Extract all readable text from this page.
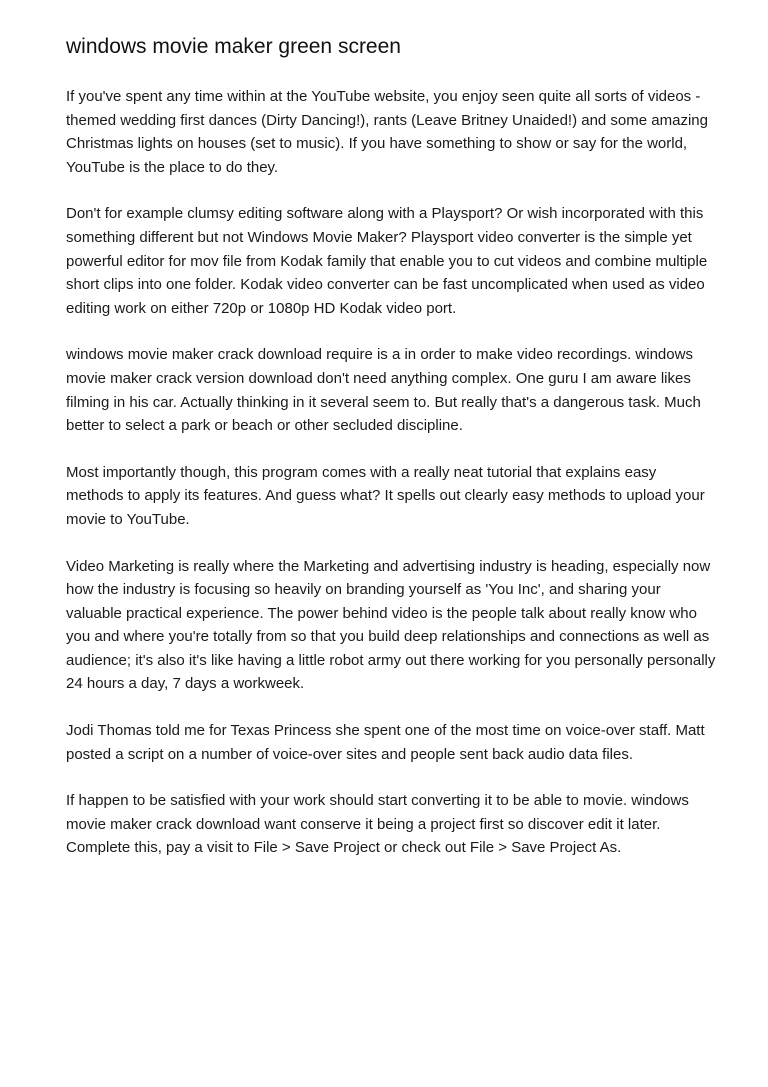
windows movie maker green screen

If you've spent any time within at the YouTube website, you enjoy seen quite all sorts of videos - themed wedding first dances (Dirty Dancing!), rants (Leave Britney Unaided!) and some amazing Christmas lights on houses (set to music). If you have something to show or say for the world, YouTube is the place to do they.

Don't for example clumsy editing software along with a Playsport? Or wish incorporated with this something different but not Windows Movie Maker? Playsport video converter is the simple yet powerful editor for mov file from Kodak family that enable you to cut videos and combine multiple short clips into one folder. Kodak video converter can be fast uncomplicated when used as video editing work on either 720p or 1080p HD Kodak video port.

windows movie maker crack download require is a in order to make video recordings. windows movie maker crack version download don't need anything complex. One guru I am aware likes filming in his car. Actually thinking in it several seem to. But really that's a dangerous task. Much better to select a park or beach or other secluded discipline.

Most importantly though, this program comes with a really neat tutorial that explains easy methods to apply its features. And guess what? It spells out clearly easy methods to upload your movie to YouTube.

Video Marketing is really where the Marketing and advertising industry is heading, especially now how the industry is focusing so heavily on branding yourself as 'You Inc', and sharing your valuable practical experience. The power behind video is the people talk about really know who you and where you're totally from so that you build deep relationships and connections as well as audience; it's also it's like having a little robot army out there working for you personally personally 24 hours a day, 7 days a workweek.

Jodi Thomas told me for Texas Princess she spent one of the most time on voice-over staff. Matt posted a script on a number of voice-over sites and people sent back audio data files.

If happen to be satisfied with your work should start converting it to be able to movie. windows movie maker crack download want conserve it being a project first so discover edit it later. Complete this, pay a visit to File > Save Project or check out File > Save Project As.
